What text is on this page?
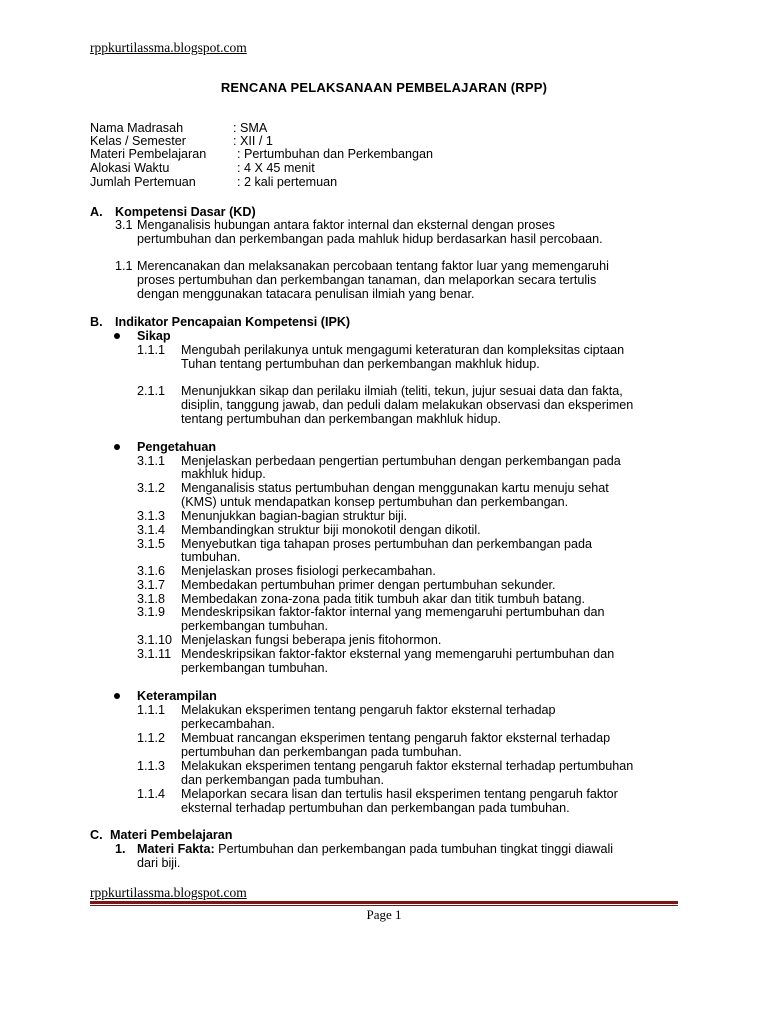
rppkurtilassma.blogspot.com
RENCANA PELAKSANAAN PEMBELAJARAN (RPP)
Nama Madrasah	: SMA
Kelas / Semester	: XII / 1
Materi Pembelajaran : Pertumbuhan dan Perkembangan
Alokasi Waktu	: 4 X 45 menit
Jumlah Pertemuan	: 2 kali pertemuan
A. Kompetensi Dasar (KD)
3.1 Menganalisis hubungan antara faktor internal dan eksternal dengan proses
pertumbuhan dan perkembangan pada mahluk hidup berdasarkan hasil percobaan.
1.1 Merencanakan dan melaksanakan percobaan tentang faktor luar yang memengaruhi
proses pertumbuhan dan perkembangan tanaman, dan melaporkan secara tertulis
dengan menggunakan tatacara penulisan ilmiah yang benar.
B. Indikator Pencapaian Kompetensi (IPK)
Sikap
1.1.1 Mengubah perilakunya untuk mengagumi keteraturan dan kompleksitas ciptaan
Tuhan tentang pertumbuhan dan perkembangan makhluk hidup.
2.1.1 Menunjukkan sikap dan perilaku ilmiah (teliti, tekun, jujur sesuai data dan fakta,
disiplin, tanggung jawab, dan peduli dalam melakukan observasi dan eksperimen
tentang pertumbuhan dan perkembangan makhluk hidup.
Pengetahuan
3.1.1 Menjelaskan perbedaan pengertian pertumbuhan dengan perkembangan pada
makhluk hidup.
3.1.2 Menganalisis status pertumbuhan dengan menggunakan kartu menuju sehat
(KMS) untuk mendapatkan konsep pertumbuhan dan perkembangan.
3.1.3 Menunjukkan bagian-bagian struktur biji.
3.1.4 Membandingkan struktur biji monokotil dengan dikotil.
3.1.5 Menyebutkan tiga tahapan proses pertumbuhan dan perkembangan pada
tumbuhan.
3.1.6 Menjelaskan proses fisiologi perkecambahan.
3.1.7 Membedakan pertumbuhan primer dengan pertumbuhan sekunder.
3.1.8 Membedakan zona-zona pada titik tumbuh akar dan titik tumbuh batang.
3.1.9 Mendeskripsikan faktor-faktor internal yang memengaruhi pertumbuhan dan
perkembangan tumbuhan.
3.1.10 Menjelaskan fungsi beberapa jenis fitohormon.
3.1.11 Mendeskripsikan faktor-faktor eksternal yang memengaruhi pertumbuhan dan
perkembangan tumbuhan.
Keterampilan
1.1.1 Melakukan eksperimen tentang pengaruh faktor eksternal terhadap
perkecambahan.
1.1.2 Membuat rancangan eksperimen tentang pengaruh faktor eksternal terhadap
pertumbuhan dan perkembangan pada tumbuhan.
1.1.3 Melakukan eksperimen tentang pengaruh faktor eksternal terhadap pertumbuhan
dan perkembangan pada tumbuhan.
1.1.4 Melaporkan secara lisan dan tertulis hasil eksperimen tentang pengaruh faktor
eksternal terhadap pertumbuhan dan perkembangan pada tumbuhan.
C. Materi Pembelajaran
1. Materi Fakta: Pertumbuhan dan perkembangan pada tumbuhan tingkat tinggi diawali
dari biji.
rppkurtilassma.blogspot.com
Page 1
